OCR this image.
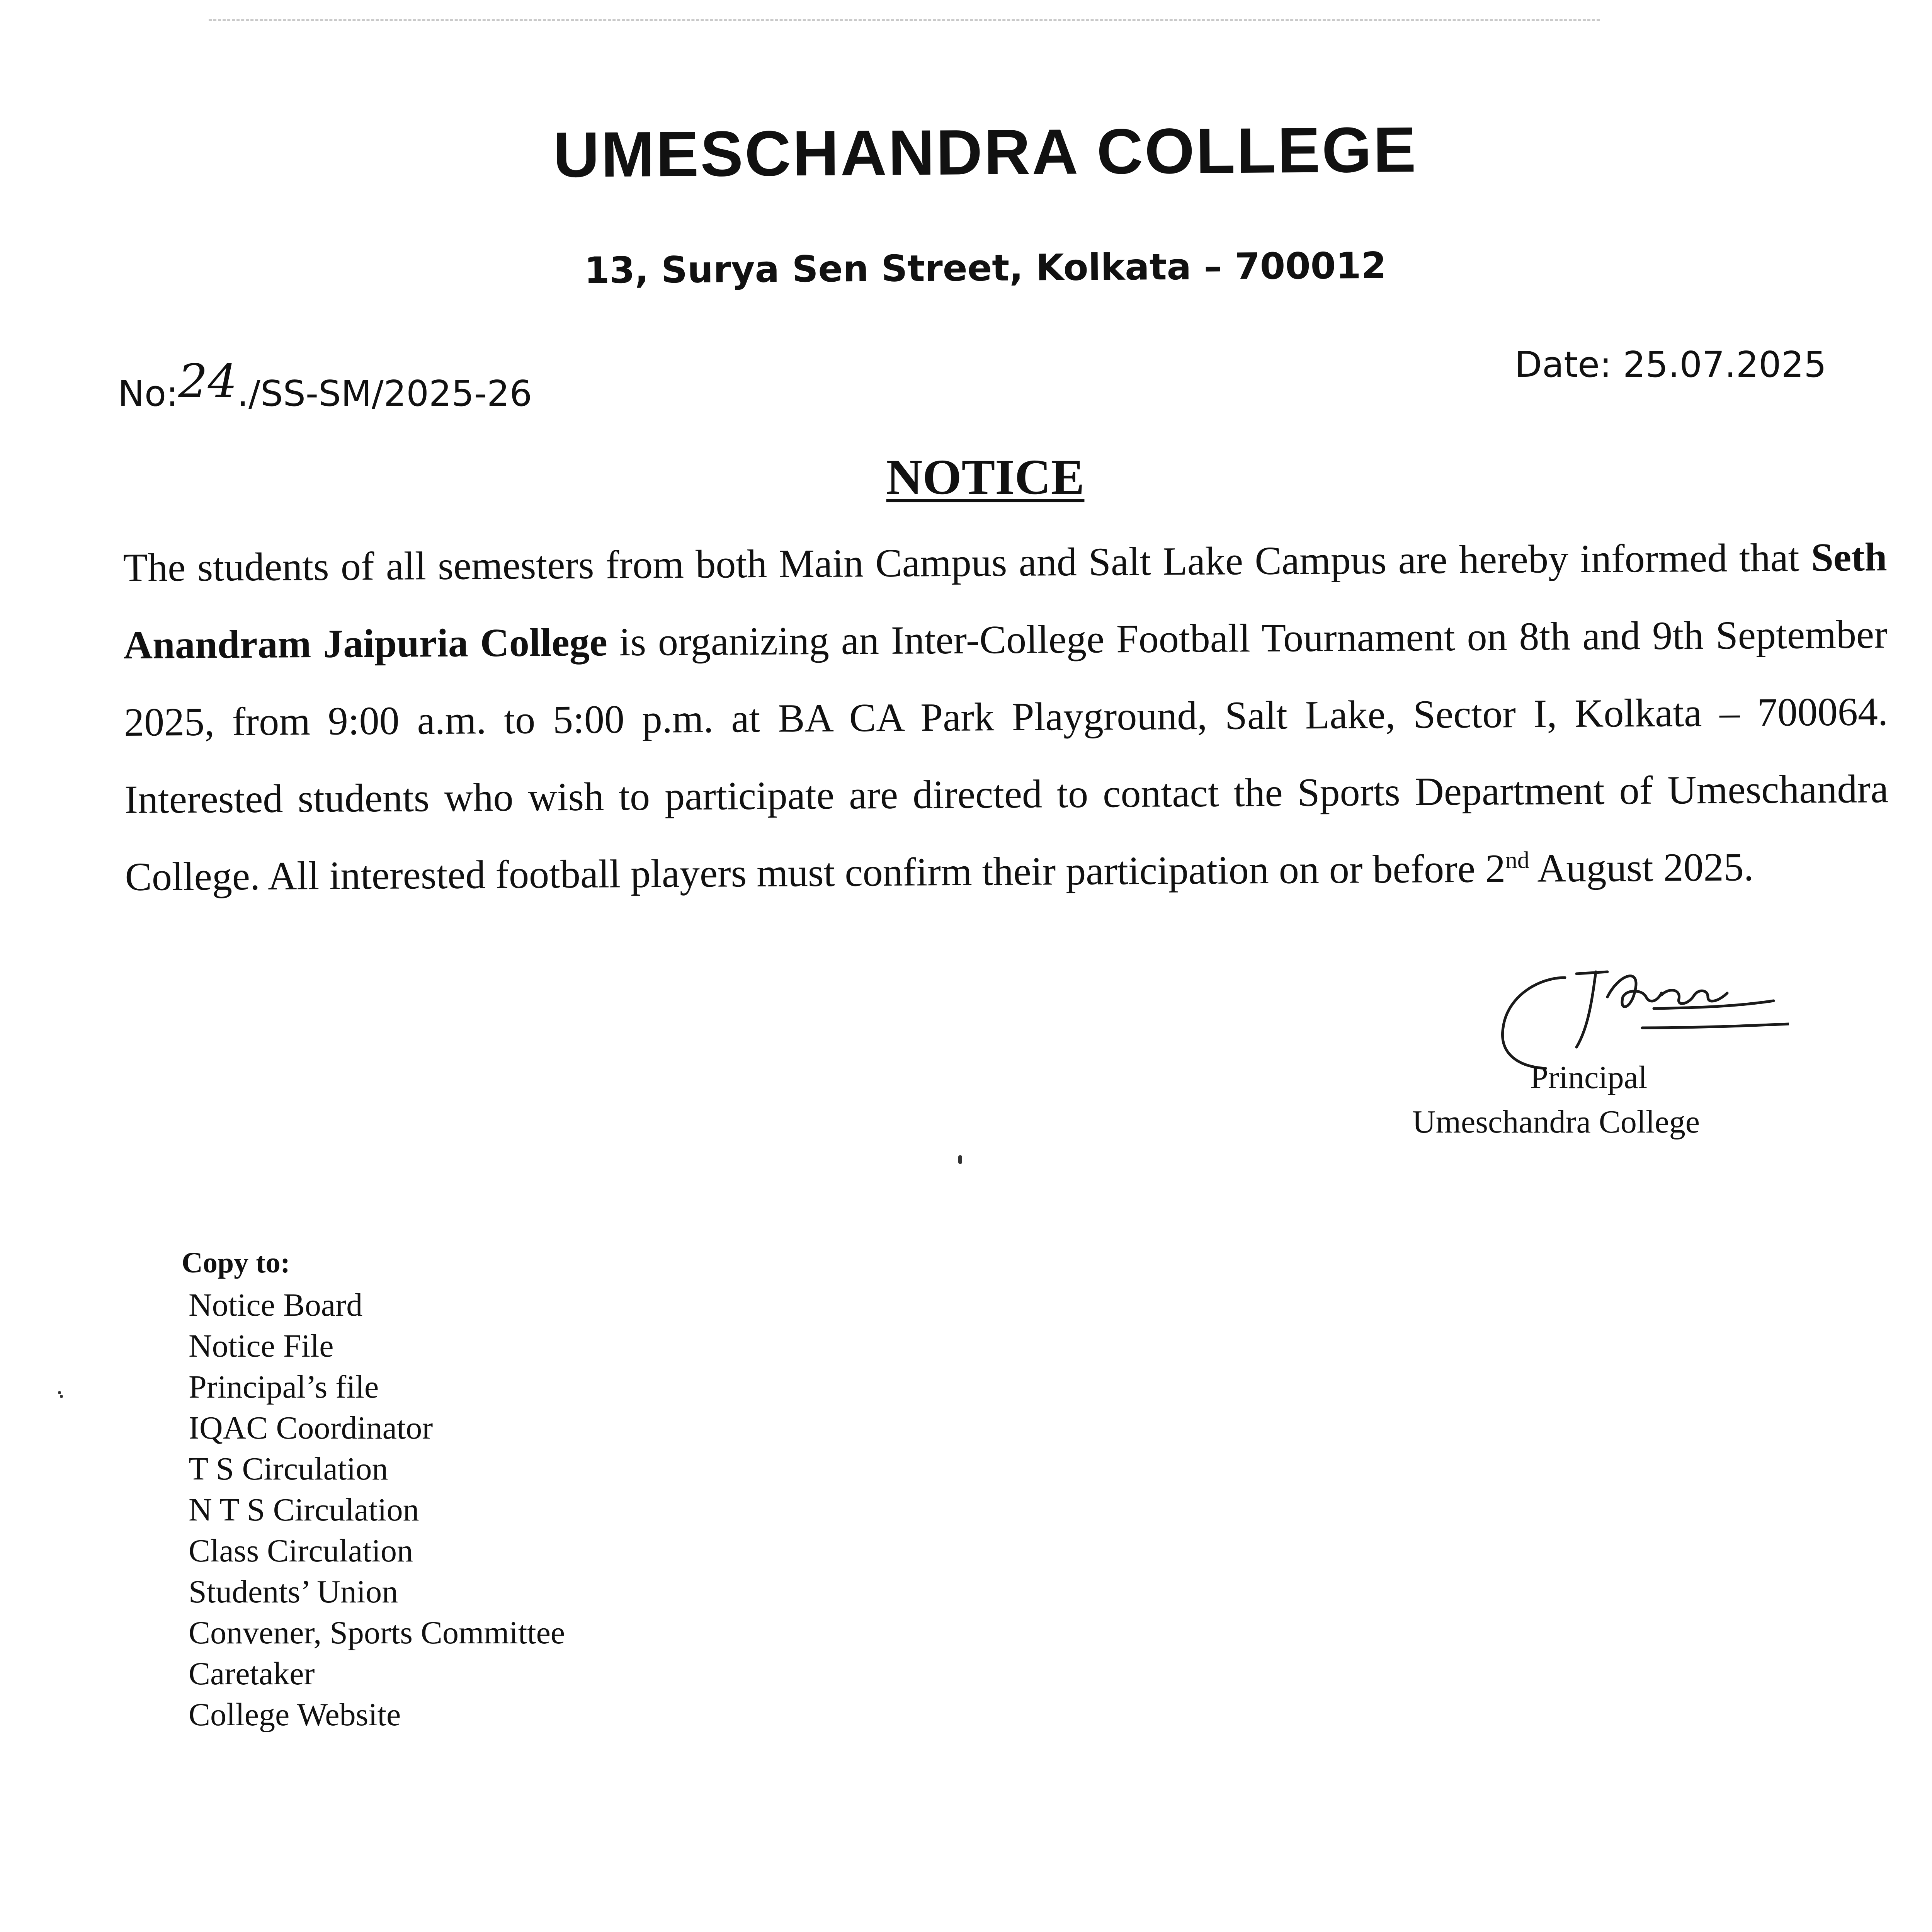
UMESCHANDRA COLLEGE
13, Surya Sen Street, Kolkata – 700012
No:24./SS-SM/2025-26
Date: 25.07.2025
NOTICE
The students of all semesters from both Main Campus and Salt Lake Campus are hereby informed that Seth Anandram Jaipuria College is organizing an Inter-College Football Tournament on 8th and 9th September 2025, from 9:00 a.m. to 5:00 p.m. at BA CA Park Playground, Salt Lake, Sector I, Kolkata – 700064. Interested students who wish to participate are directed to contact the Sports Department of Umeschandra College. All interested football players must confirm their participation on or before 2nd August 2025.
Principal
Umeschandra College
Copy to:
Notice Board
Notice File
Principal’s file
IQAC Coordinator
T S Circulation
N T S Circulation
Class Circulation
Students’ Union
Convener, Sports Committee
Caretaker
College Website
